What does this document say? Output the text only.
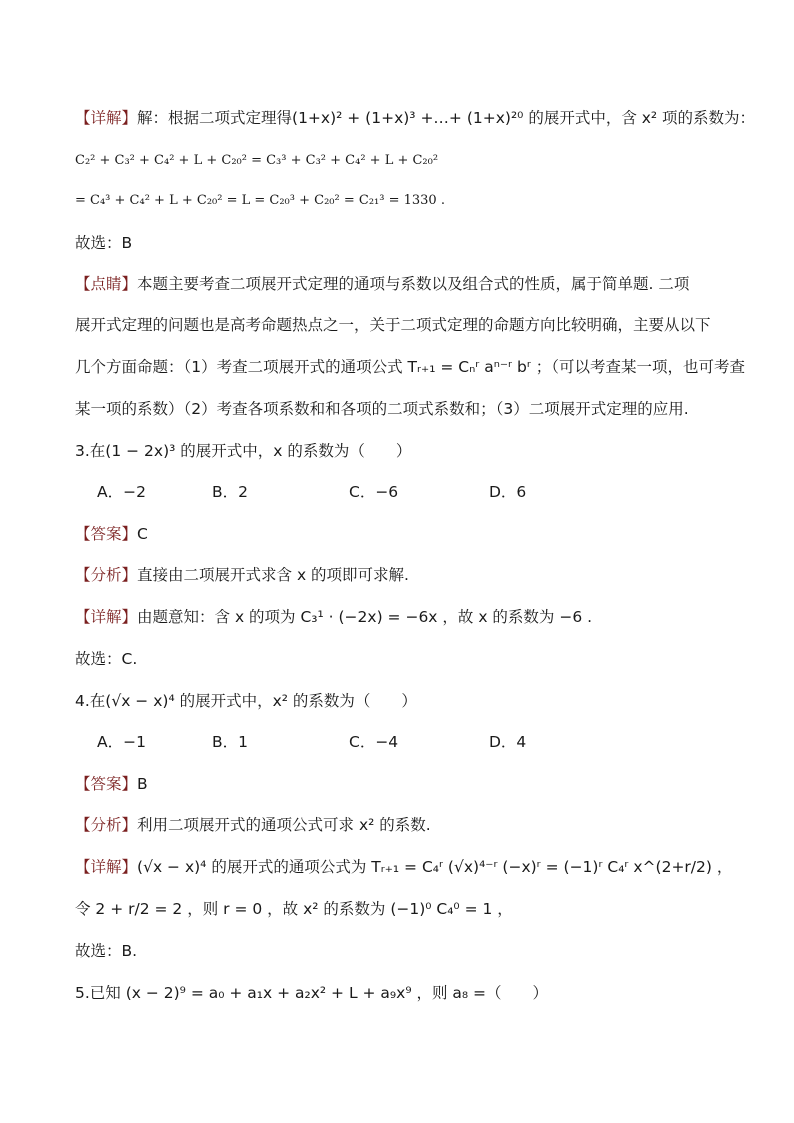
【详解】解：根据二项式定理得(1+x)² + (1+x)³ +…+ (1+x)²⁰ 的展开式中，含 x² 项的系数为：
C₂² + C₃² + C₄² + L + C₂₀² = C₃³ + C₃² + C₄² + L + C₂₀²
= C₄³ + C₄² + L + C₂₀² = L = C₂₀³ + C₂₀² = C₂₁³ = 1330 .
故选：B
【点睛】本题主要考查二项展开式定理的通项与系数以及组合式的性质，属于简单题. 二项
展开式定理的问题也是高考命题热点之一，关于二项式定理的命题方向比较明确，主要从以下
几个方面命题：（1）考查二项展开式的通项公式 Tᵣ₊₁ = Cₙʳ aⁿ⁻ʳ bʳ ；（可以考查某一项，也可考查
某一项的系数）（2）考查各项系数和和各项的二项式系数和；（3）二项展开式定理的应用.
3.在(1 − 2x)³ 的展开式中，x 的系数为（　　）
A．−2	B．2	C．−6	D．6
【答案】C
【分析】直接由二项展开式求含 x 的项即可求解.
【详解】由题意知：含 x 的项为 C₃¹ · (−2x) = −6x ，故 x 的系数为 −6 .
故选：C.
4.在(√x − x)⁴ 的展开式中，x² 的系数为（　　）
A．−1	B．1	C．−4	D．4
【答案】B
【分析】利用二项展开式的通项公式可求 x² 的系数.
【详解】(√x − x)⁴ 的展开式的通项公式为 Tᵣ₊₁ = C₄ʳ (√x)⁴⁻ʳ (−x)ʳ = (−1)ʳ C₄ʳ x^(2+r/2) ，
令 2 + r/2 = 2 ，则 r = 0 ，故 x² 的系数为 (−1)⁰ C₄⁰ = 1 ，
故选：B.
5.已知 (x − 2)⁹ = a₀ + a₁x + a₂x² + L + a₉x⁹ ，则 a₈ =（　　）
